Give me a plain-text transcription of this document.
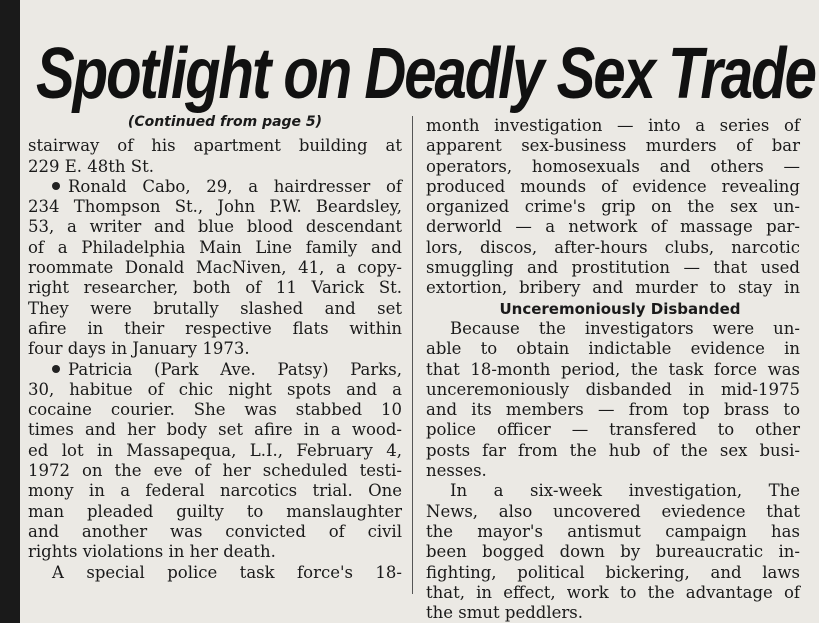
Spotlight on Deadly Sex Trade
(Continued from page 5)
stairway of his apartment building at
229 E. 48th St.
Ronald Cabo, 29, a hairdresser of
234 Thompson St., John P.W. Beardsley,
53, a writer and blue blood descendant
of a Philadelphia Main Line family and
roommate Donald MacNiven, 41, a copy-
right researcher, both of 11 Varick St.
They were brutally slashed and set
afire in their respective flats within
four days in January 1973.
Patricia (Park Ave. Patsy) Parks,
30, habitue of chic night spots and a
cocaine courier. She was stabbed 10
times and her body set afire in a wood-
ed lot in Massapequa, L.I., February 4,
1972 on the eve of her scheduled testi-
mony in a federal narcotics trial. One
man pleaded guilty to manslaughter
and another was convicted of civil
rights violations in her death.
A special police task force's 18-
month investigation — into a series of
apparent sex-business murders of bar
operators, homosexuals and others —
produced mounds of evidence revealing
organized crime's grip on the sex un-
derworld — a network of massage par-
lors, discos, after-hours clubs, narcotic
smuggling and prostitution — that used
extortion, bribery and murder to stay in
Unceremoniously Disbanded
Because the investigators were un-
able to obtain indictable evidence in
that 18-month period, the task force was
unceremoniously disbanded in mid-1975
and its members — from top brass to
police officer — transfered to other
posts far from the hub of the sex busi-
nesses.
In a six-week investigation, The
News, also uncovered eviedence that
the mayor's antismut campaign has
been bogged down by bureaucratic in-
fighting, political bickering, and laws
that, in effect, work to the advantage of
the smut peddlers.
